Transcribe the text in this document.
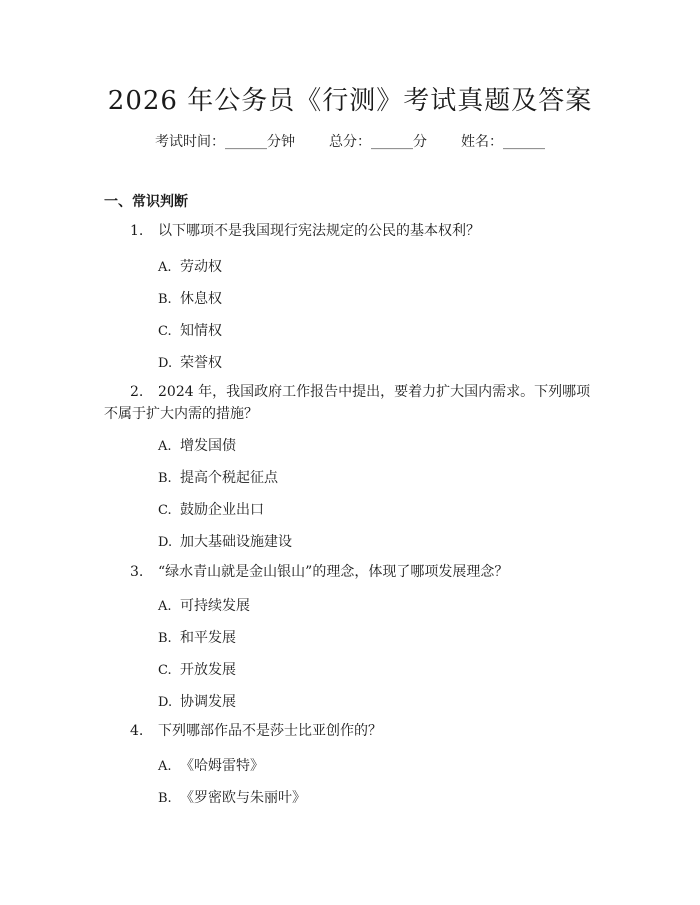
2026 年公务员《行测》考试真题及答案
考试时间：______分钟 总分：______分 姓名：______
一、常识判断
1. 以下哪项不是我国现行宪法规定的公民的基本权利？
A. 劳动权
B. 休息权
C. 知情权
D. 荣誉权
2. 2024 年，我国政府工作报告中提出，要着力扩大国内需求。下列哪项不属于扩大内需的措施？
A. 增发国债
B. 提高个税起征点
C. 鼓励企业出口
D. 加大基础设施建设
3. “绿水青山就是金山银山”的理念，体现了哪项发展理念？
A. 可持续发展
B. 和平发展
C. 开放发展
D. 协调发展
4. 下列哪部作品不是莎士比亚创作的？
A. 《哈姆雷特》
B. 《罗密欧与朱丽叶》
